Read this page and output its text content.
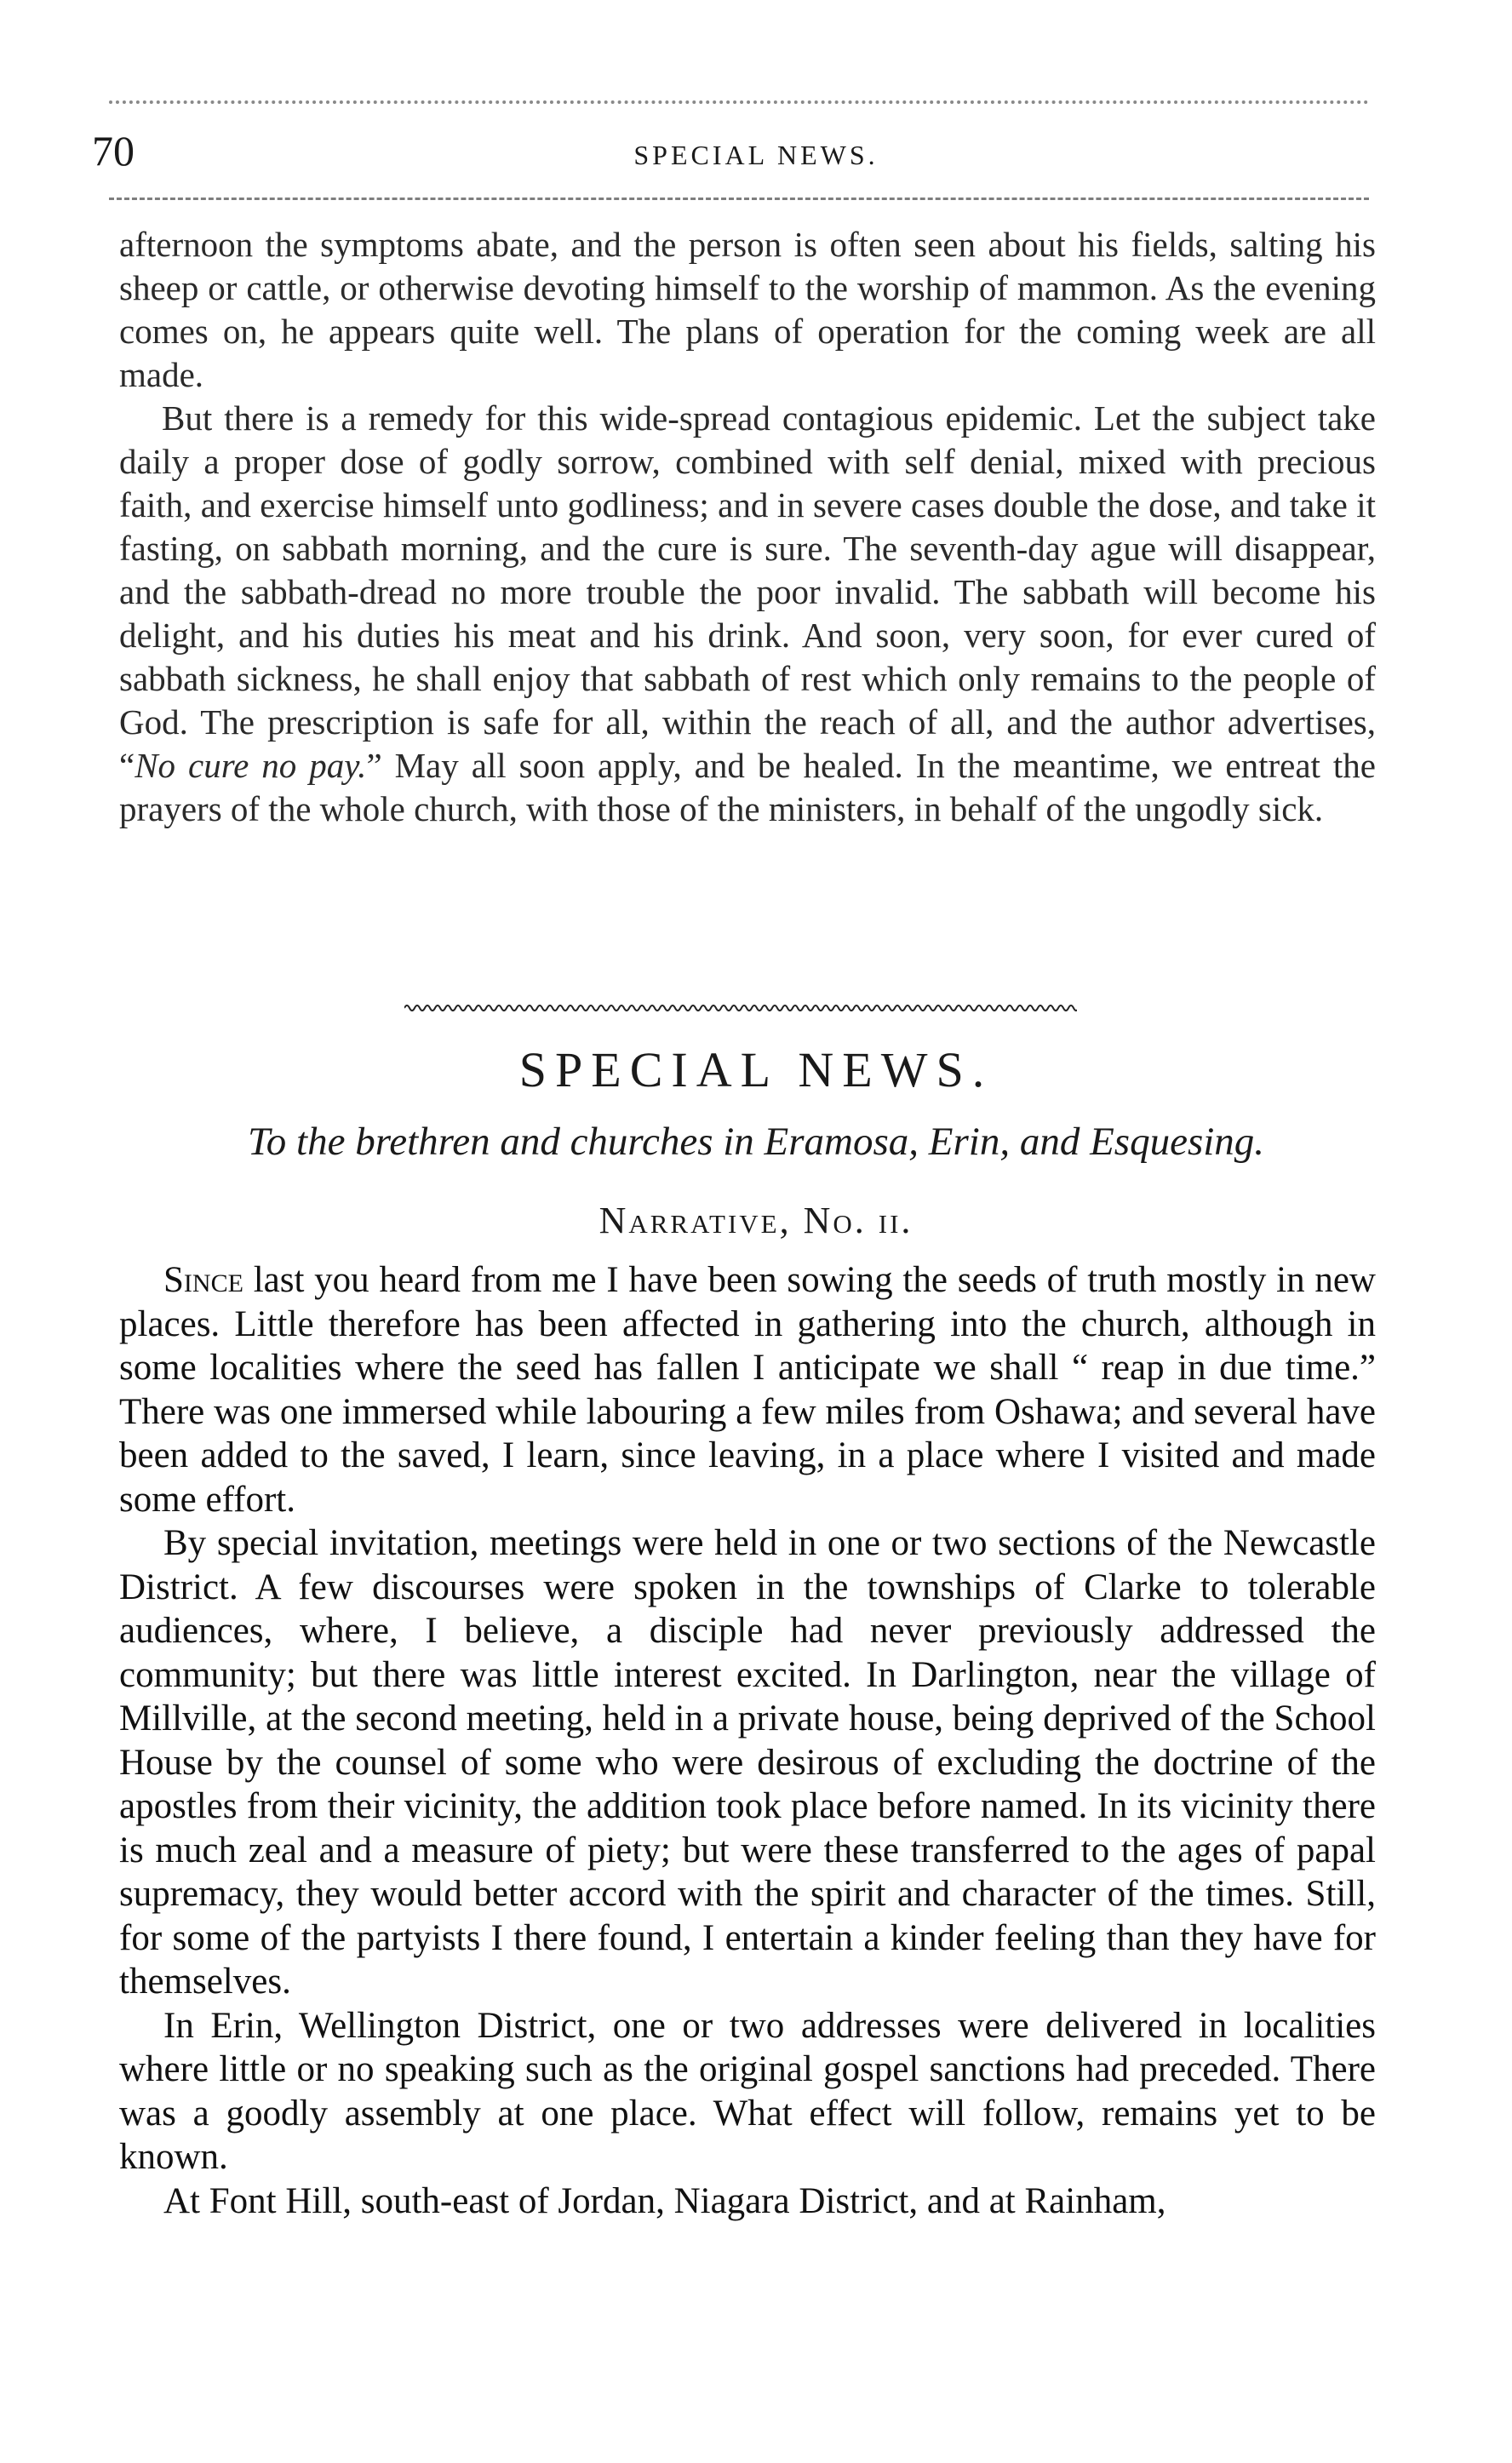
70	SPECIAL NEWS.

afternoon the symptoms abate, and the person is often seen about his fields, salting his sheep or cattle, or otherwise devoting himself to the worship of mammon. As the evening comes on, he appears quite well. The plans of operation for the coming week are all made.

But there is a remedy for this wide-spread contagious epidemic. Let the subject take daily a proper dose of godly sorrow, combined with self denial, mixed with precious faith, and exercise himself unto godliness; and in severe cases double the dose, and take it fasting, on sabbath morning, and the cure is sure. The seventh-day ague will disappear, and the sabbath-dread no more trouble the poor invalid. The sabbath will become his delight, and his duties his meat and his drink. And soon, very soon, for ever cured of sabbath sickness, he shall enjoy that sabbath of rest which only remains to the people of God. The prescription is safe for all, within the reach of all, and the author advertises, “No cure no pay.” May all soon apply, and be healed. In the meantime, we entreat the prayers of the whole church, with those of the ministers, in behalf of the ungodly sick.

SPECIAL NEWS.
To the brethren and churches in Eramosa, Erin, and Esquesing.
Narrative, No. ii.

Since last you heard from me I have been sowing the seeds of truth mostly in new places. Little therefore has been affected in gathering into the church, although in some localities where the seed has fallen I anticipate we shall “ reap in due time.” There was one immersed while labouring a few miles from Oshawa; and several have been added to the saved, I learn, since leaving, in a place where I visited and made some effort.

By special invitation, meetings were held in one or two sections of the Newcastle District. A few discourses were spoken in the townships of Clarke to tolerable audiences, where, I believe, a disciple had never previously addressed the community; but there was little interest excited. In Darlington, near the village of Millville, at the second meeting, held in a private house, being deprived of the School House by the counsel of some who were desirous of excluding the doctrine of the apostles from their vicinity, the addition took place before named. In its vicinity there is much zeal and a measure of piety; but were these transferred to the ages of papal supremacy, they would better accord with the spirit and character of the times. Still, for some of the partyists I there found, I entertain a kinder feeling than they have for themselves.

In Erin, Wellington District, one or two addresses were delivered in localities where little or no speaking such as the original gospel sanctions had preceded. There was a goodly assembly at one place. What effect will follow, remains yet to be known.

At Font Hill, south-east of Jordan, Niagara District, and at Rainham,
